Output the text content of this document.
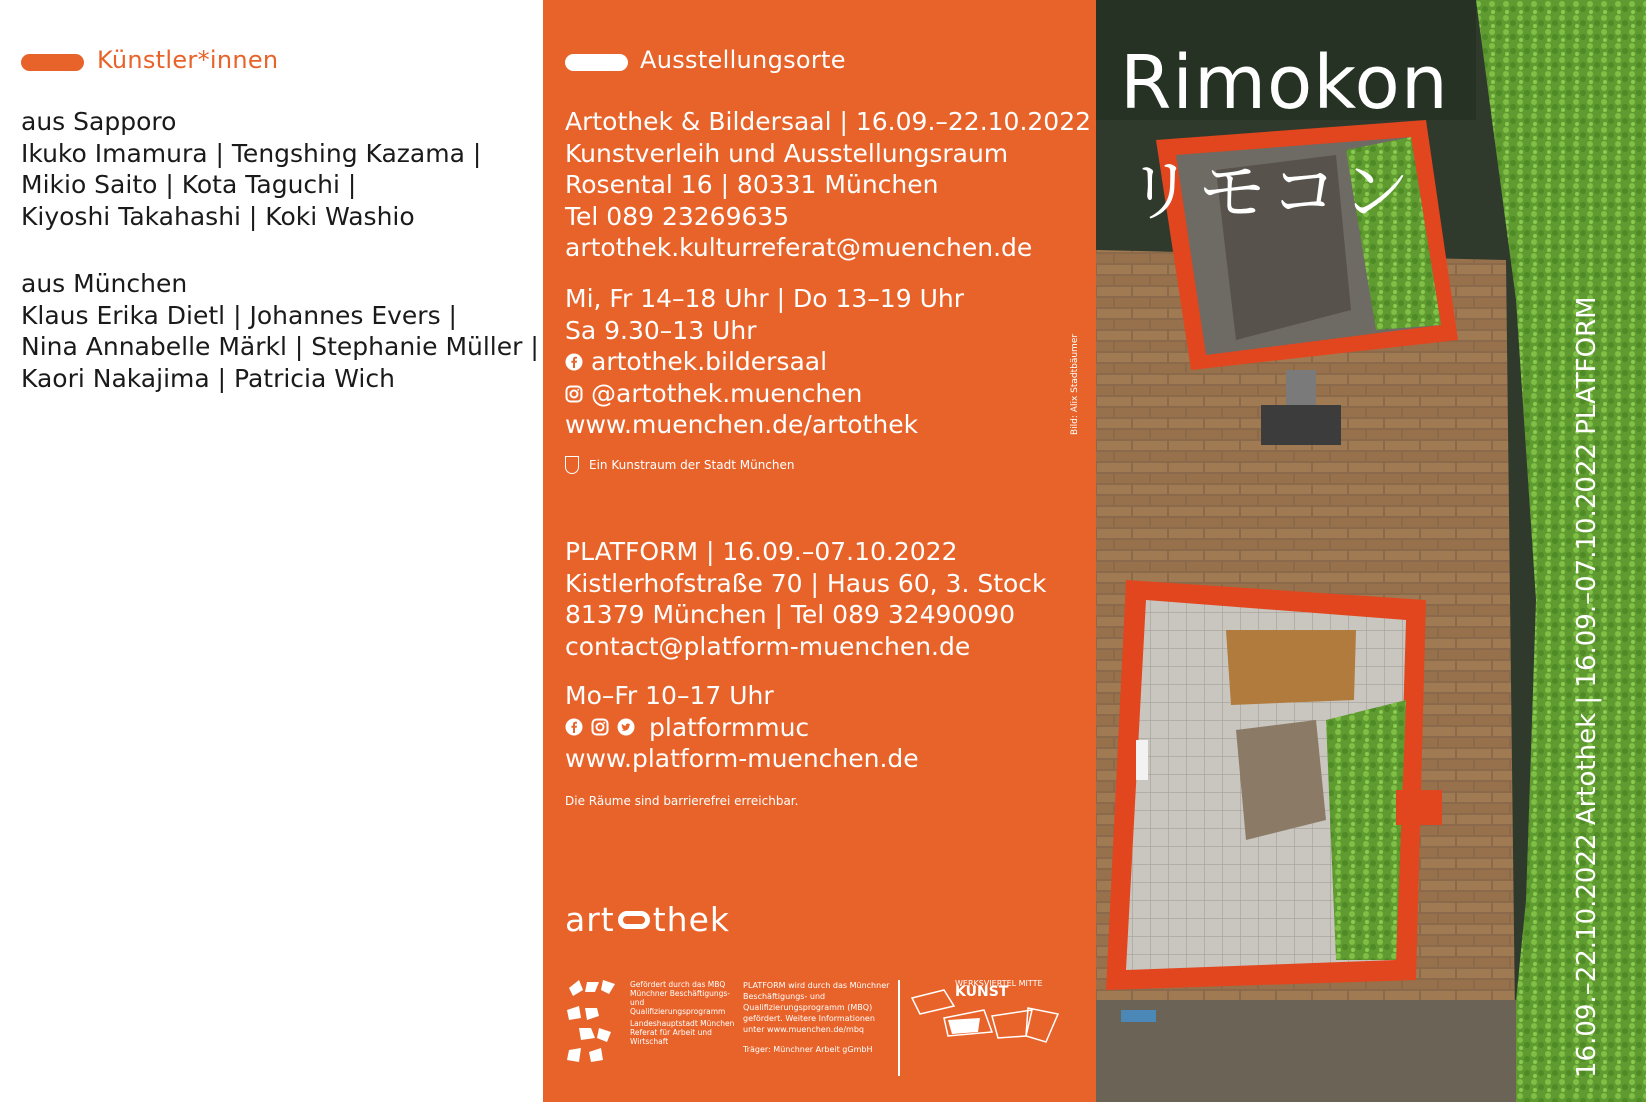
Künstler*innen
aus Sapporo
Ikuko Imamura | Tengshing Kazama |
Mikio Saito | Kota Taguchi |
Kiyoshi Takahashi | Koki Washio
aus München
Klaus Erika Dietl | Johannes Evers |
Nina Annabelle Märkl | Stephanie Müller |
Kaori Nakajima | Patricia Wich
Ausstellungsorte
Artothek & Bildersaal | 16.09.–22.10.2022
Kunstverleih und Ausstellungsraum
Rosental 16 | 80331 München
Tel 089 23269635
artothek.kulturreferat@muenchen.de
Mi, Fr 14–18 Uhr | Do 13–19 Uhr
Sa 9.30–13 Uhr
artothek.bildersaal
@artothek.muenchen
www.muenchen.de/artothek
Ein Kunstraum der Stadt München
PLATFORM | 16.09.–07.10.2022
Kistlerhofstraße 70 | Haus 60, 3. Stock
81379 München | Tel 089 32490090
contact@platform-muenchen.de
Mo–Fr 10–17 Uhr
platformmuc
www.platform-muenchen.de
Die Räume sind barrierefrei erreichbar.
Bild: Alix Stadtbäumer
art thek
Gefördert durch das MBQ Münchner Beschäftigungs- und Qualifizierungsprogramm
Landeshauptstadt München Referat für Arbeit und Wirtschaft
PLATFORM wird durch das Münchner Beschäftigungs- und Qualifizierungsprogramm (MBQ) gefördert. Weitere Informationen unter www.muenchen.de/mbq
Träger: Münchner Arbeit gGmbH
WERKSVIERTEL MITTE
KUNST
Rimokon
リモコン
16.09.–22.10.2022 Artothek | 16.09.–07.10.2022 PLATFORM
